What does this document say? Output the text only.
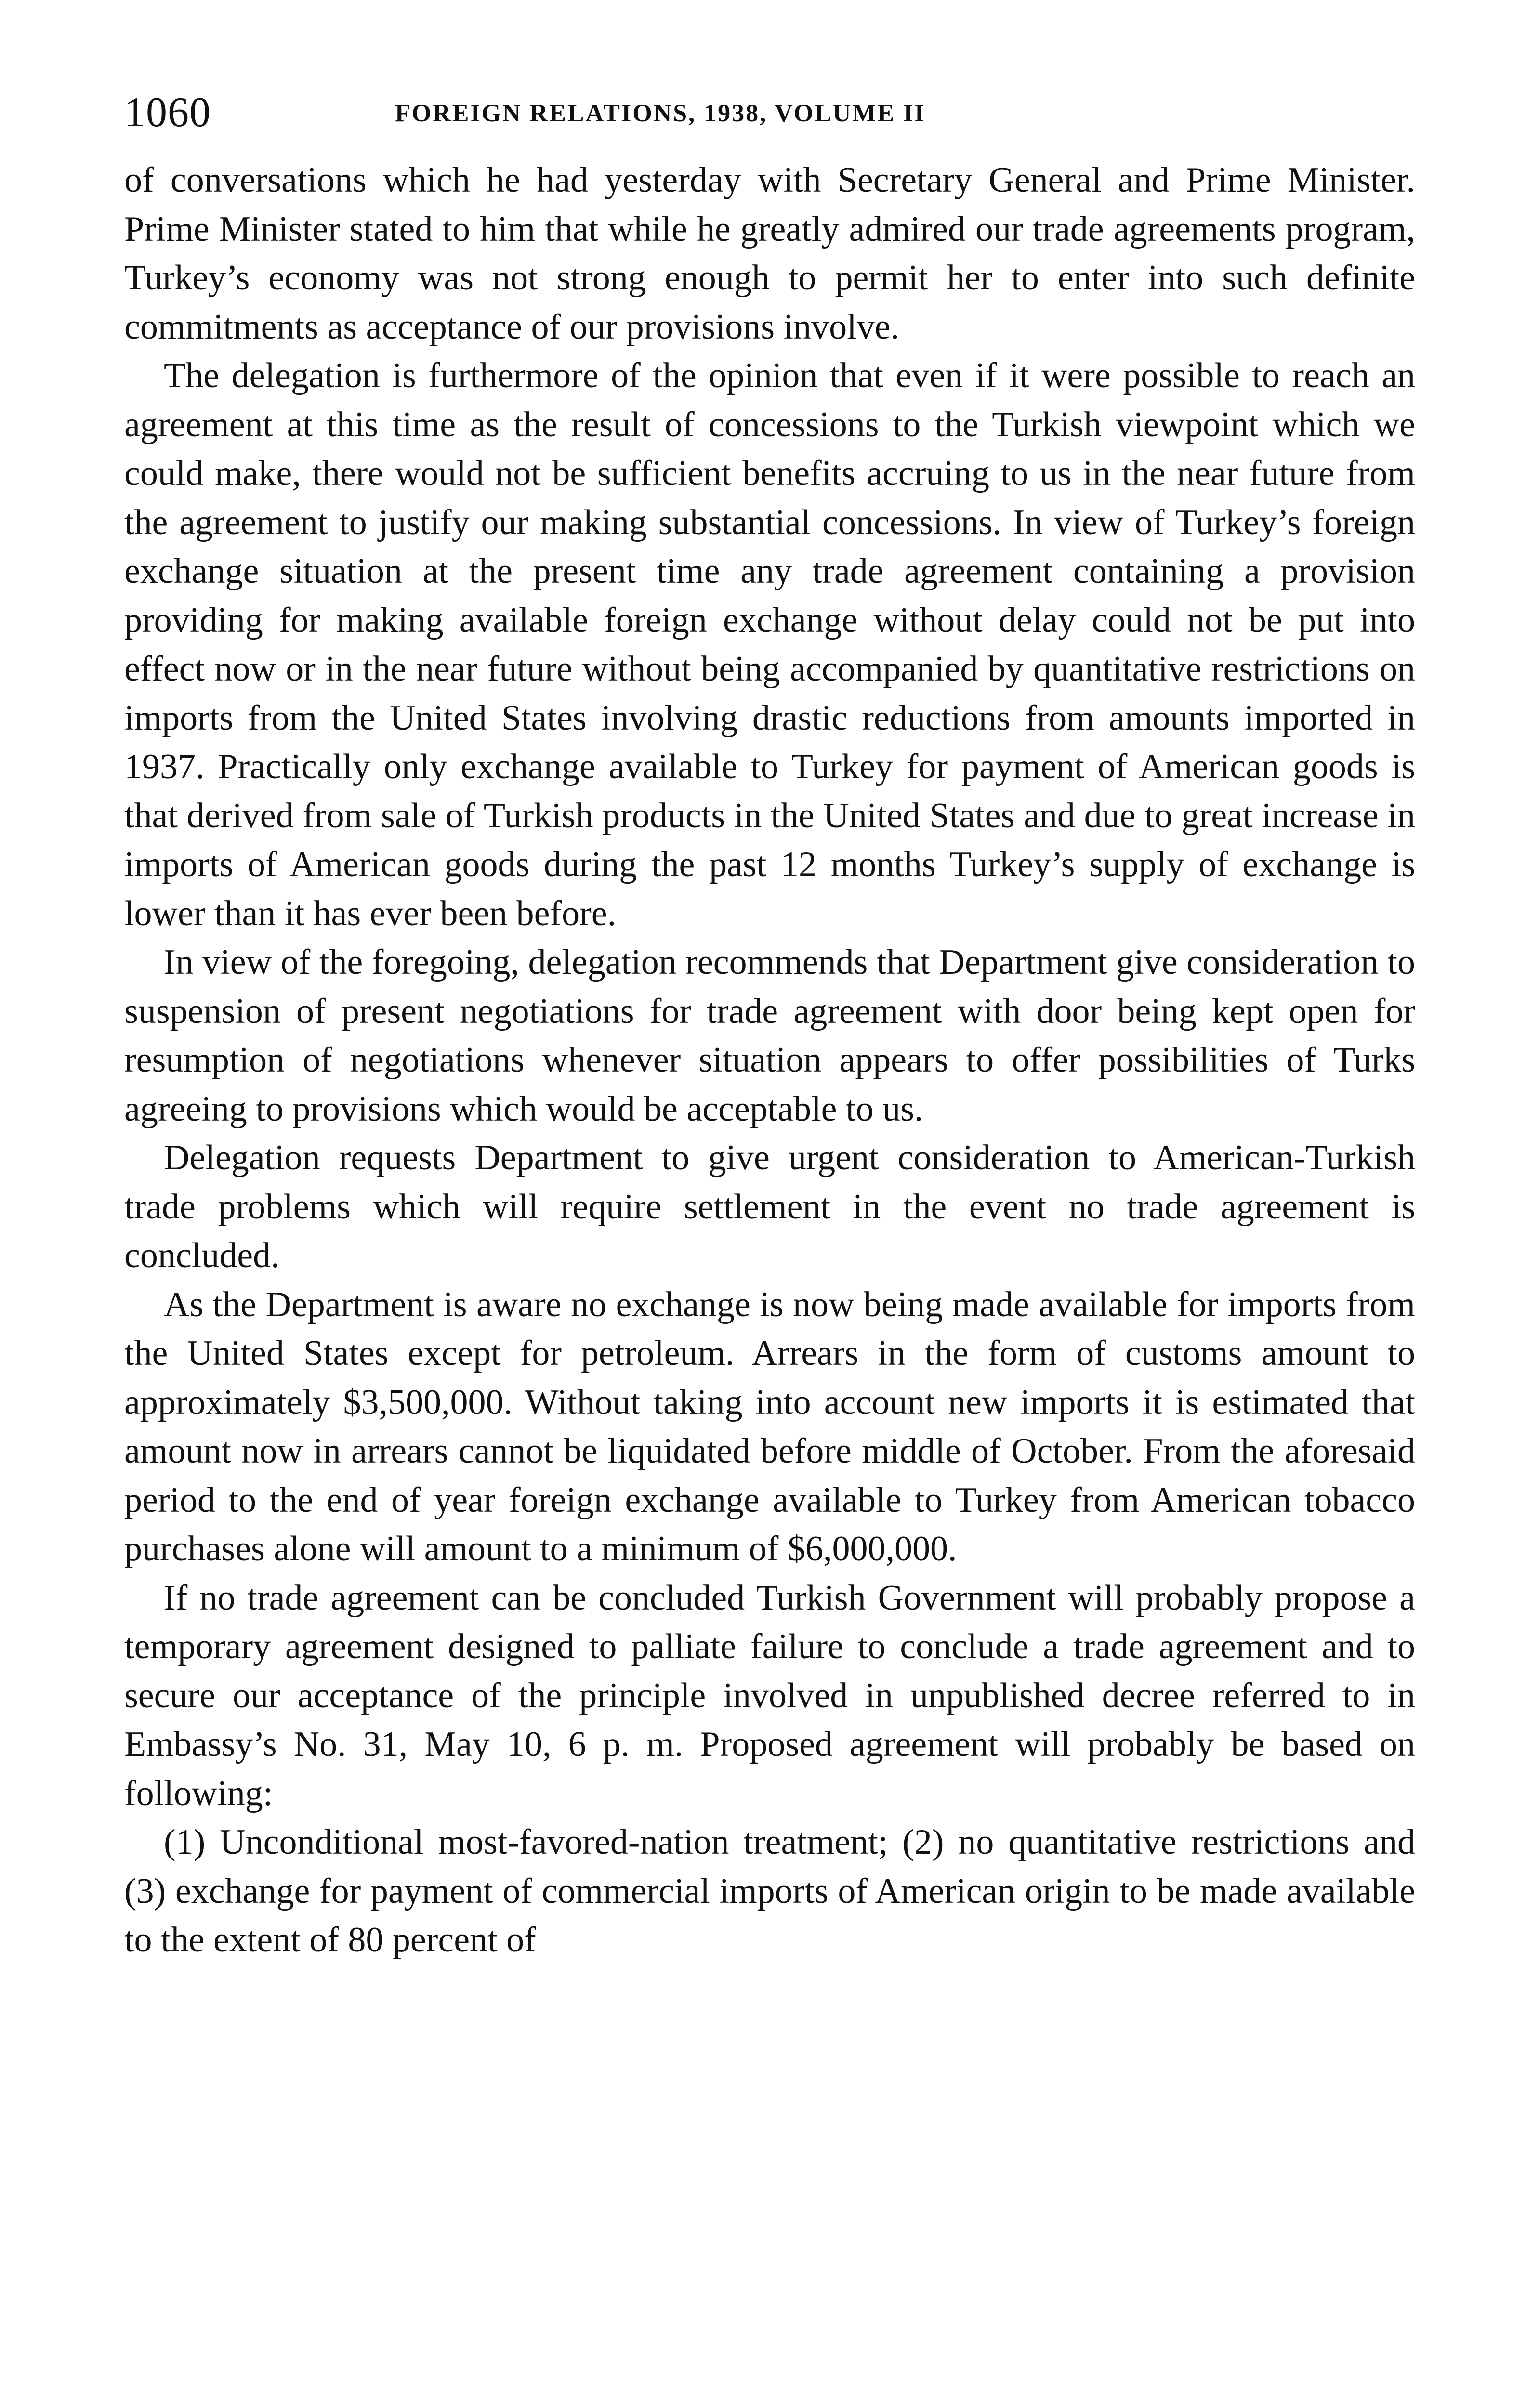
1060	FOREIGN RELATIONS, 1938, VOLUME II

of conversations which he had yesterday with Secretary General and Prime Minister. Prime Minister stated to him that while he greatly admired our trade agreements program, Turkey’s economy was not strong enough to permit her to enter into such definite commitments as acceptance of our provisions involve.

The delegation is furthermore of the opinion that even if it were possible to reach an agreement at this time as the result of concessions to the Turkish viewpoint which we could make, there would not be sufficient benefits accruing to us in the near future from the agreement to justify our making substantial concessions. In view of Turkey’s foreign exchange situation at the present time any trade agreement containing a provision providing for making available foreign exchange without delay could not be put into effect now or in the near future without being accompanied by quantitative restrictions on imports from the United States involving drastic reductions from amounts imported in 1937. Practically only exchange available to Turkey for payment of American goods is that derived from sale of Turkish products in the United States and due to great increase in imports of American goods during the past 12 months Turkey’s supply of exchange is lower than it has ever been before.

In view of the foregoing, delegation recommends that Department give consideration to suspension of present negotiations for trade agreement with door being kept open for resumption of negotiations whenever situation appears to offer possibilities of Turks agreeing to provisions which would be acceptable to us.

Delegation requests Department to give urgent consideration to American-Turkish trade problems which will require settlement in the event no trade agreement is concluded.

As the Department is aware no exchange is now being made available for imports from the United States except for petroleum. Arrears in the form of customs amount to approximately $3,500,000. Without taking into account new imports it is estimated that amount now in arrears cannot be liquidated before middle of October. From the aforesaid period to the end of year foreign exchange available to Turkey from American tobacco purchases alone will amount to a minimum of $6,000,000.

If no trade agreement can be concluded Turkish Government will probably propose a temporary agreement designed to palliate failure to conclude a trade agreement and to secure our acceptance of the principle involved in unpublished decree referred to in Embassy’s No. 31, May 10, 6 p. m. Proposed agreement will probably be based on following:

(1) Unconditional most-favored-nation treatment; (2) no quantitative restrictions and (3) exchange for payment of commercial imports of American origin to be made available to the extent of 80 percent of
